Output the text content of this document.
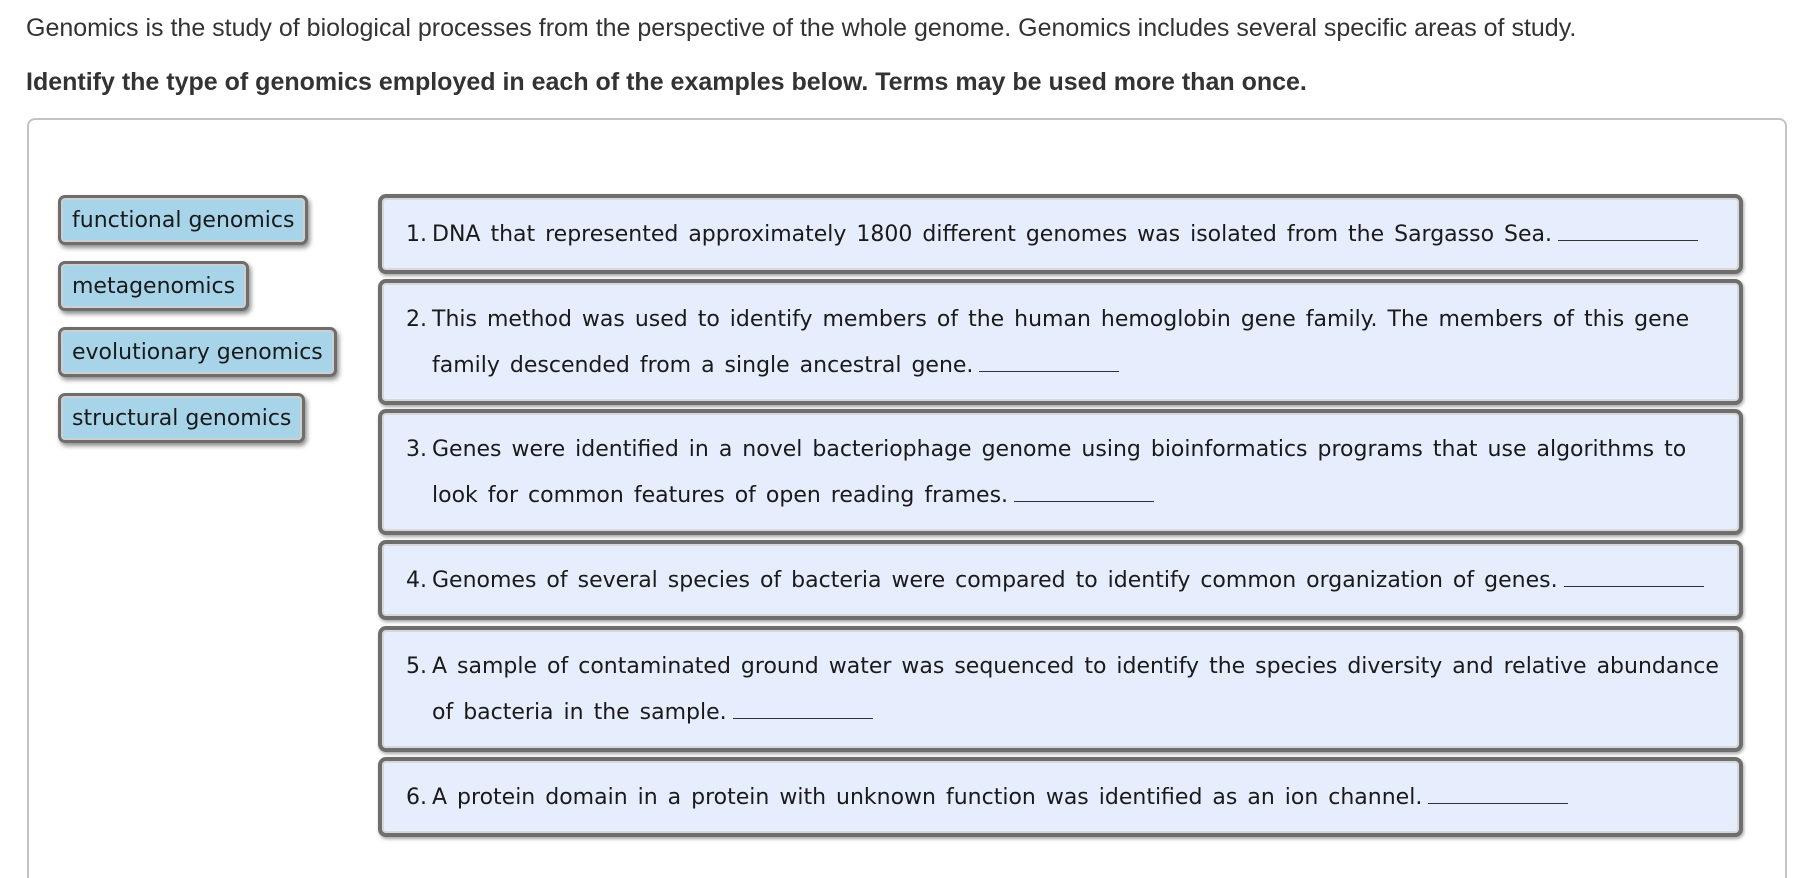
Genomics is the study of biological processes from the perspective of the whole genome. Genomics includes several specific areas of study.

Identify the type of genomics employed in each of the examples below. Terms may be used more than once.

functional genomics
metagenomics
evolutionary genomics
structural genomics
1. DNA that represented approximately 1800 different genomes was isolated from the Sargasso Sea.
2. This method was used to identify members of the human hemoglobin gene family. The members of this gene family descended from a single ancestral gene.
3. Genes were identified in a novel bacteriophage genome using bioinformatics programs that use algorithms to look for common features of open reading frames.
4. Genomes of several species of bacteria were compared to identify common organization of genes.
5. A sample of contaminated ground water was sequenced to identify the species diversity and relative abundance of bacteria in the sample.
6. A protein domain in a protein with unknown function was identified as an ion channel.
